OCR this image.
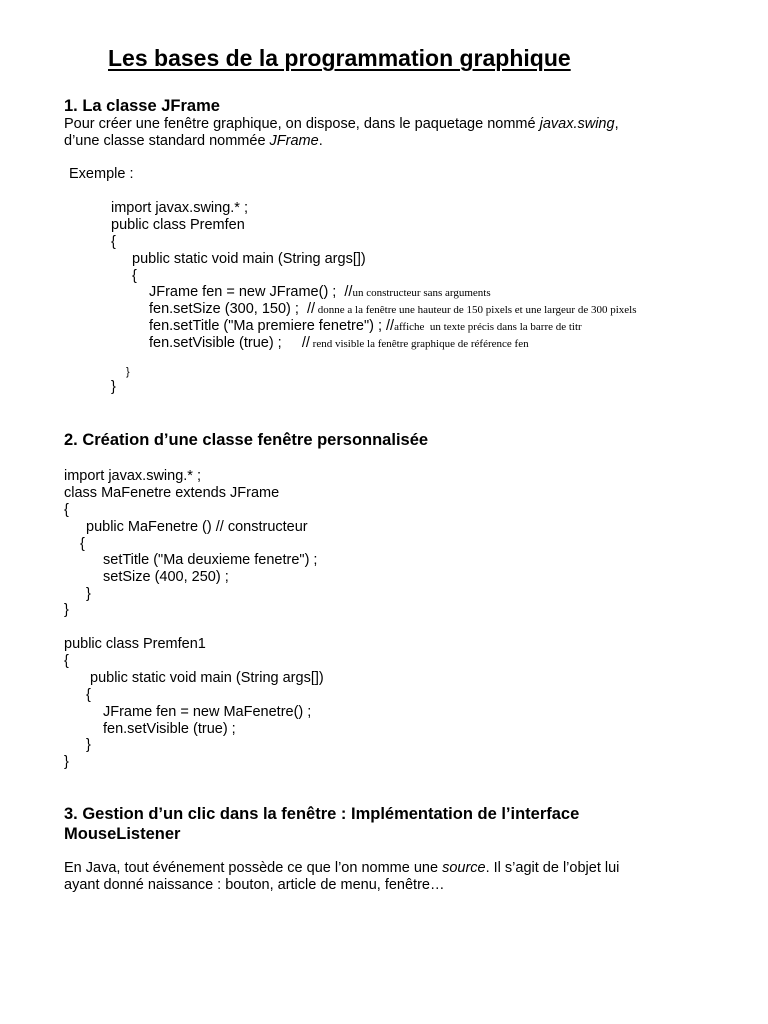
Les bases de la programmation graphique
1. La classe JFrame
Pour créer une fenêtre graphique, on dispose, dans le paquetage nommé javax.swing,
d’une classe standard nommée JFrame.
Exemple :
import javax.swing.* ;
public class Premfen
{
public static void main (String args[])
{
JFrame fen = new JFrame() ;  //un constructeur sans arguments
fen.setSize (300, 150) ;  // donne a la fenêtre une hauteur de 150 pixels et une largeur de 300 pixels
fen.setTitle ("Ma premiere fenetre") ; //affiche  un texte précis dans la barre de titr
fen.setVisible (true) ;     // rend visible la fenêtre graphique de référence fen
}
}
2. Création d’une classe fenêtre personnalisée
import javax.swing.* ;
class MaFenetre extends JFrame
{
public MaFenetre () // constructeur
{
setTitle ("Ma deuxieme fenetre") ;
setSize (400, 250) ;
}
}
public class Premfen1
{
public static void main (String args[])
{
JFrame fen = new MaFenetre() ;
fen.setVisible (true) ;
}
}
3. Gestion d’un clic dans la fenêtre : Implémentation de l’interface
MouseListener
En Java, tout événement possède ce que l’on nomme une source. Il s’agit de l’objet lui
ayant donné naissance : bouton, article de menu, fenêtre…
